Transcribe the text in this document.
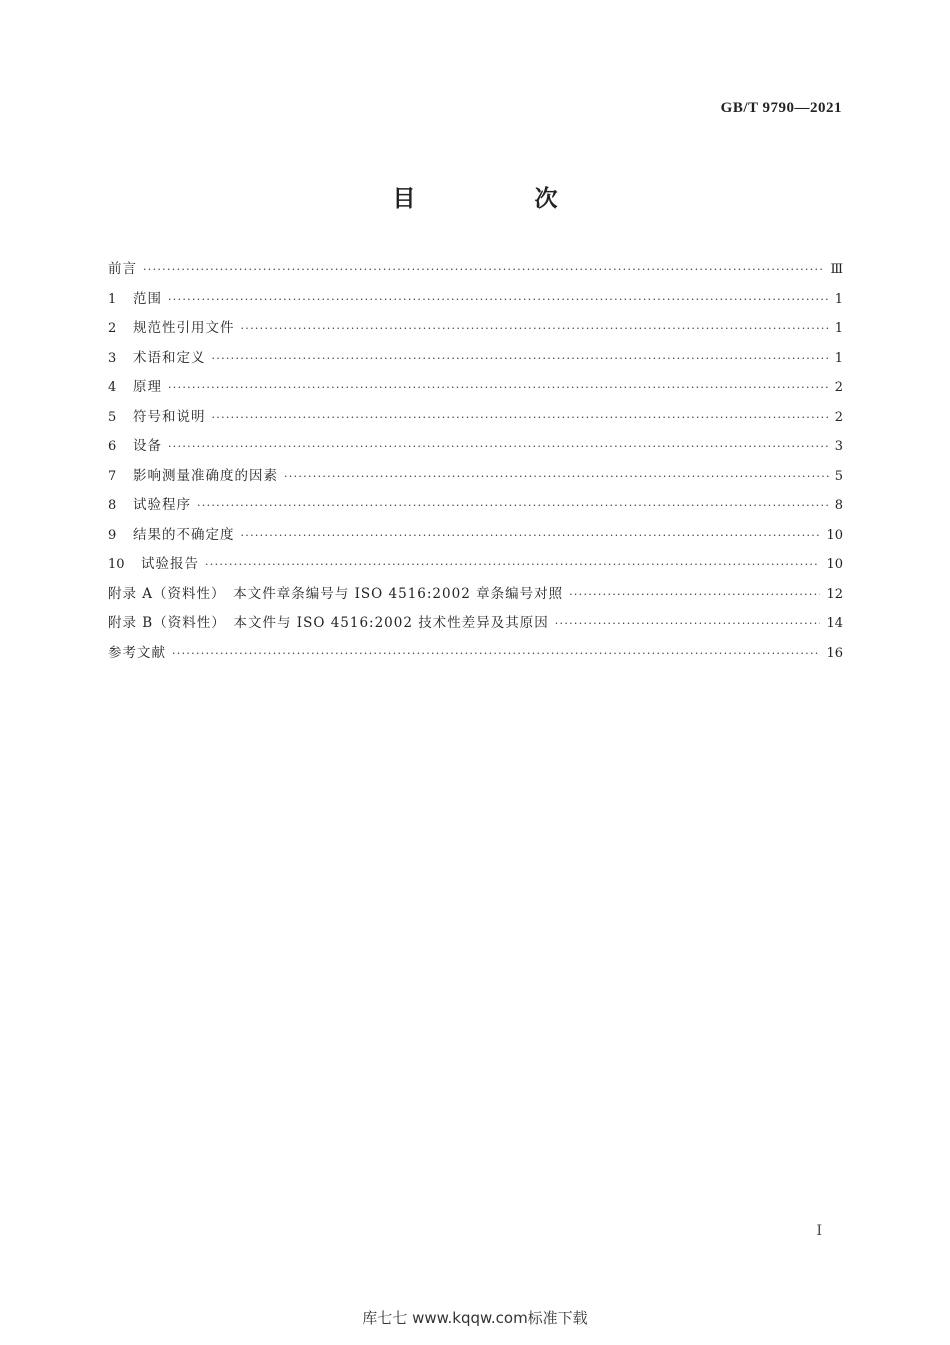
GB/T 9790—2021
目　次
前言 ·····	Ⅲ
1	范围 ·····	1
2	规范性引用文件 ·····	1
3	术语和定义 ·····	1
4	原理 ·····	2
5	符号和说明 ·····	2
6	设备 ·····	3
7	影响测量准确度的因素 ·····	5
8	试验程序 ·····	8
9	结果的不确定度 ·····	10
10	试验报告 ·····	10
附录 A（资料性）　本文件章条编号与 ISO 4516:2002 章条编号对照 ·····	12
附录 B（资料性）　本文件与 ISO 4516:2002 技术性差异及其原因 ·····	14
参考文献 ·····	16
I
库七七 www.kqqw.com标准下载
